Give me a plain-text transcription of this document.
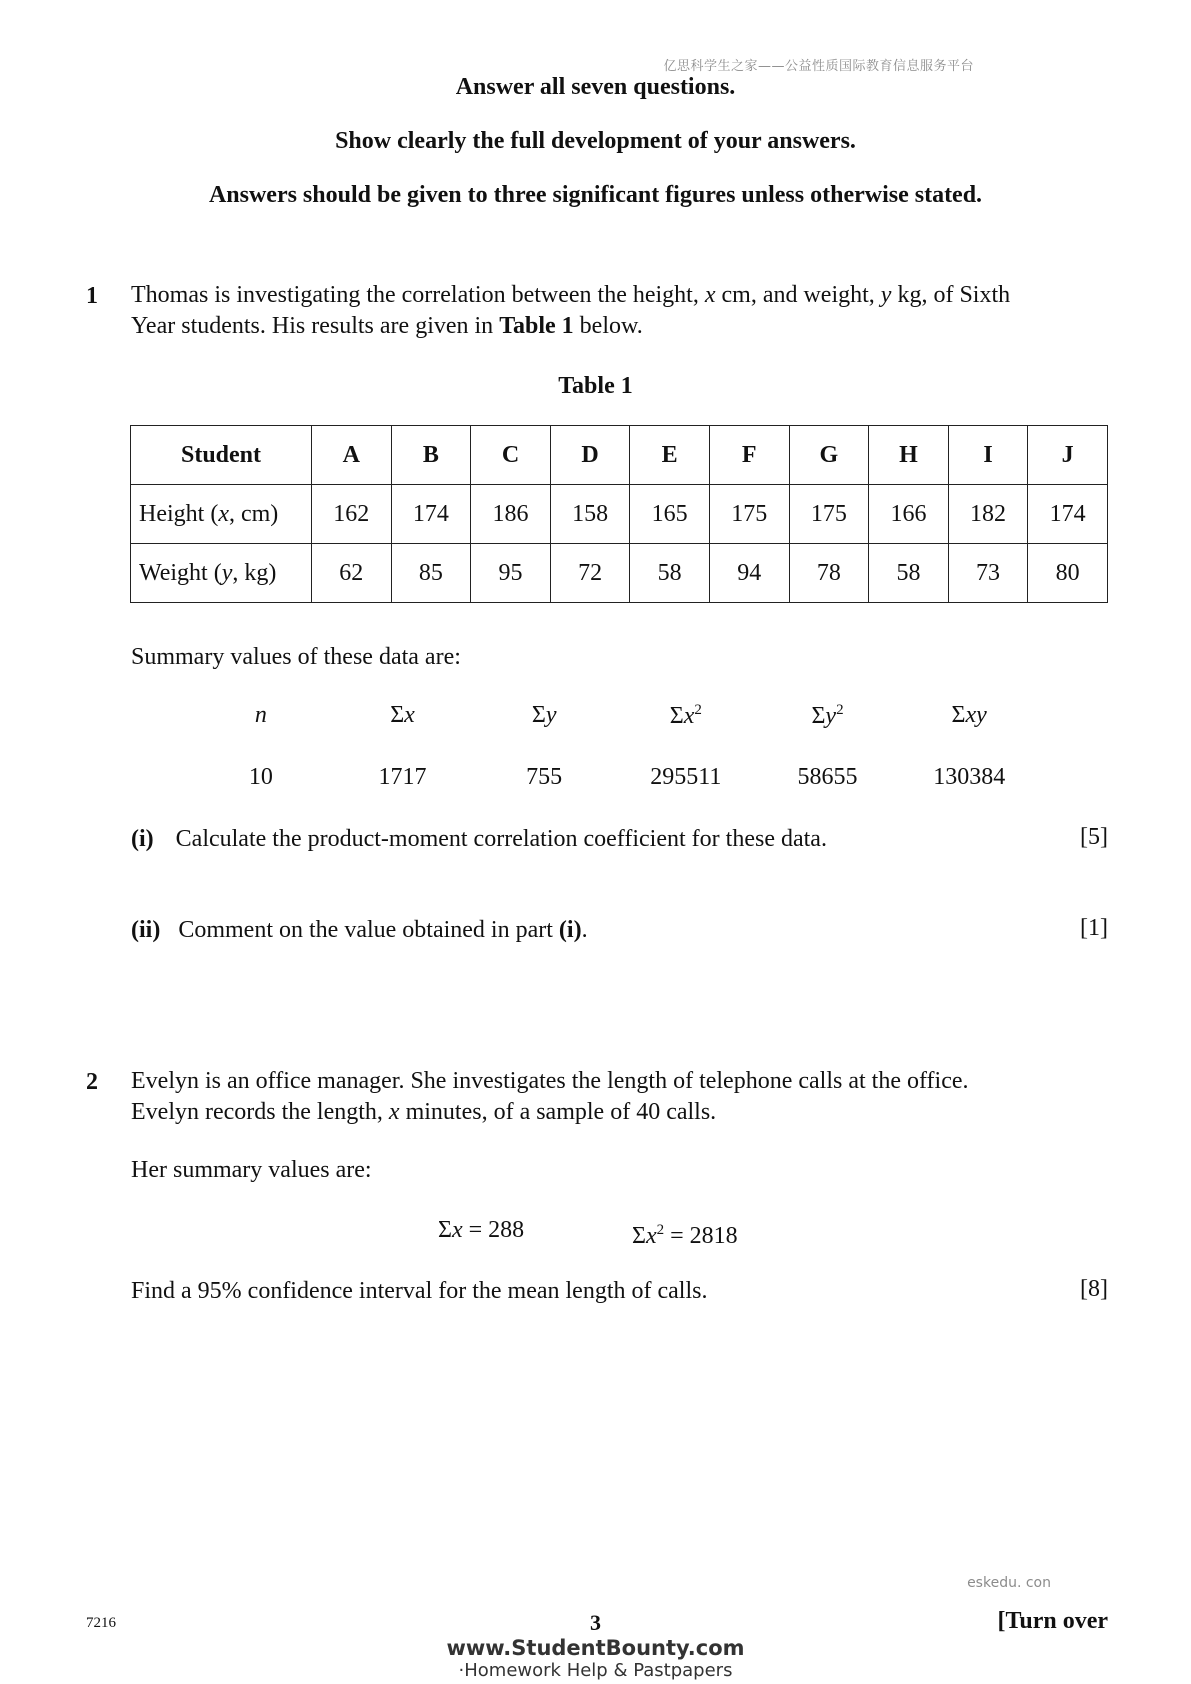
亿思科学生之家——公益性质国际教育信息服务平台
Answer all seven questions.
Show clearly the full development of your answers.
Answers should be given to three significant figures unless otherwise stated.
1 Thomas is investigating the correlation between the height, x cm, and weight, y kg, of Sixth
Year students. His results are given in Table 1 below.
Table 1
Student	A	B	C	D	E	F	G	H	I	J
Height (x, cm)	162	174	186	158	165	175	175	166	182	174
Weight (y, kg)	62	85	95	72	58	94	78	58	73	80
Summary values of these data are:
n	Σx	Σy	$\Sigma x^2$	$\Sigma y^2$	Σxy
10	1717	755	295511	58655	130384
(i) Calculate the product-moment correlation coefficient for these data.	[5]
(ii) Comment on the value obtained in part (i).	[1]
2 Evelyn is an office manager. She investigates the length of telephone calls at the office.
Evelyn records the length, x minutes, of a sample of 40 calls.
Her summary values are:
Σx = 288	$\Sigma x^2 = 2818$
Find a 95% confidence interval for the mean length of calls.	[8]
eskedu. con
7216	3	[Turn over
www.StudentBounty.com
·Homework Help & Pastpapers
